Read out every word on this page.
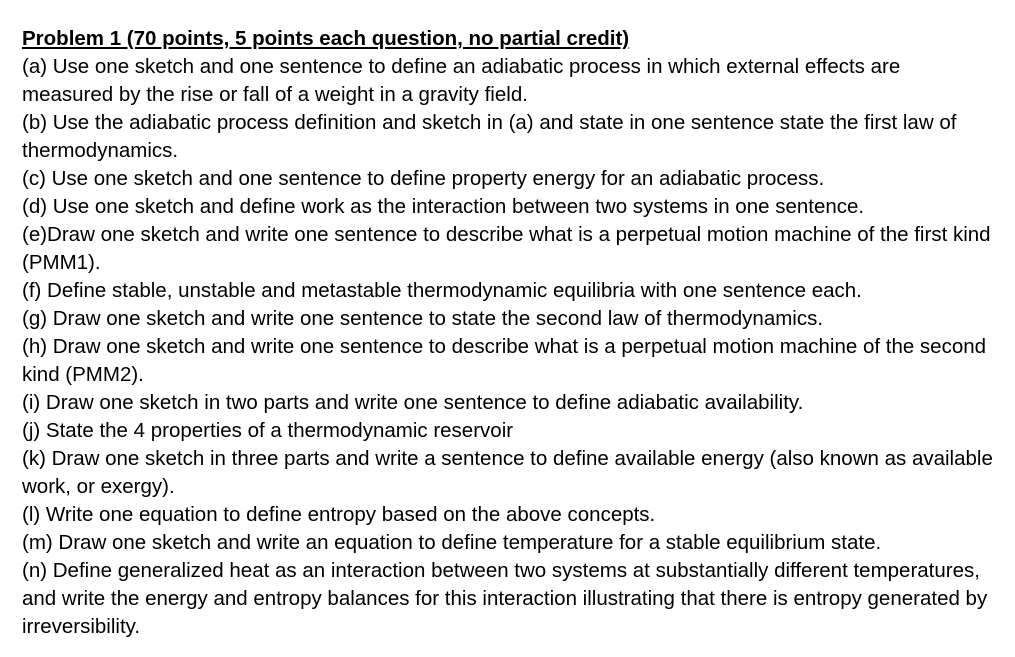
Problem 1 (70 points, 5 points each question, no partial credit)

(a) Use one sketch and one sentence to define an adiabatic process in which external effects are measured by the rise or fall of a weight in a gravity field.

(b) Use the adiabatic process definition and sketch in (a) and state in one sentence state the first law of thermodynamics.

(c) Use one sketch and one sentence to define property energy for an adiabatic process.

(d) Use one sketch and define work as the interaction between two systems in one sentence.

(e)Draw one sketch and write one sentence to describe what is a perpetual motion machine of the first kind (PMM1).

(f) Define stable, unstable and metastable thermodynamic equilibria with one sentence each.

(g) Draw one sketch and write one sentence to state the second law of thermodynamics.

(h) Draw one sketch and write one sentence to describe what is a perpetual motion machine of the second kind (PMM2).

(i) Draw one sketch in two parts and write one sentence to define adiabatic availability.

(j) State the 4 properties of a thermodynamic reservoir

(k) Draw one sketch in three parts and write a sentence to define available energy (also known as available work, or exergy).

(l) Write one equation to define entropy based on the above concepts.

(m) Draw one sketch and write an equation to define temperature for a stable equilibrium state.

(n) Define generalized heat as an interaction between two systems at substantially different temperatures, and write the energy and entropy balances for this interaction illustrating that there is entropy generated by irreversibility.
